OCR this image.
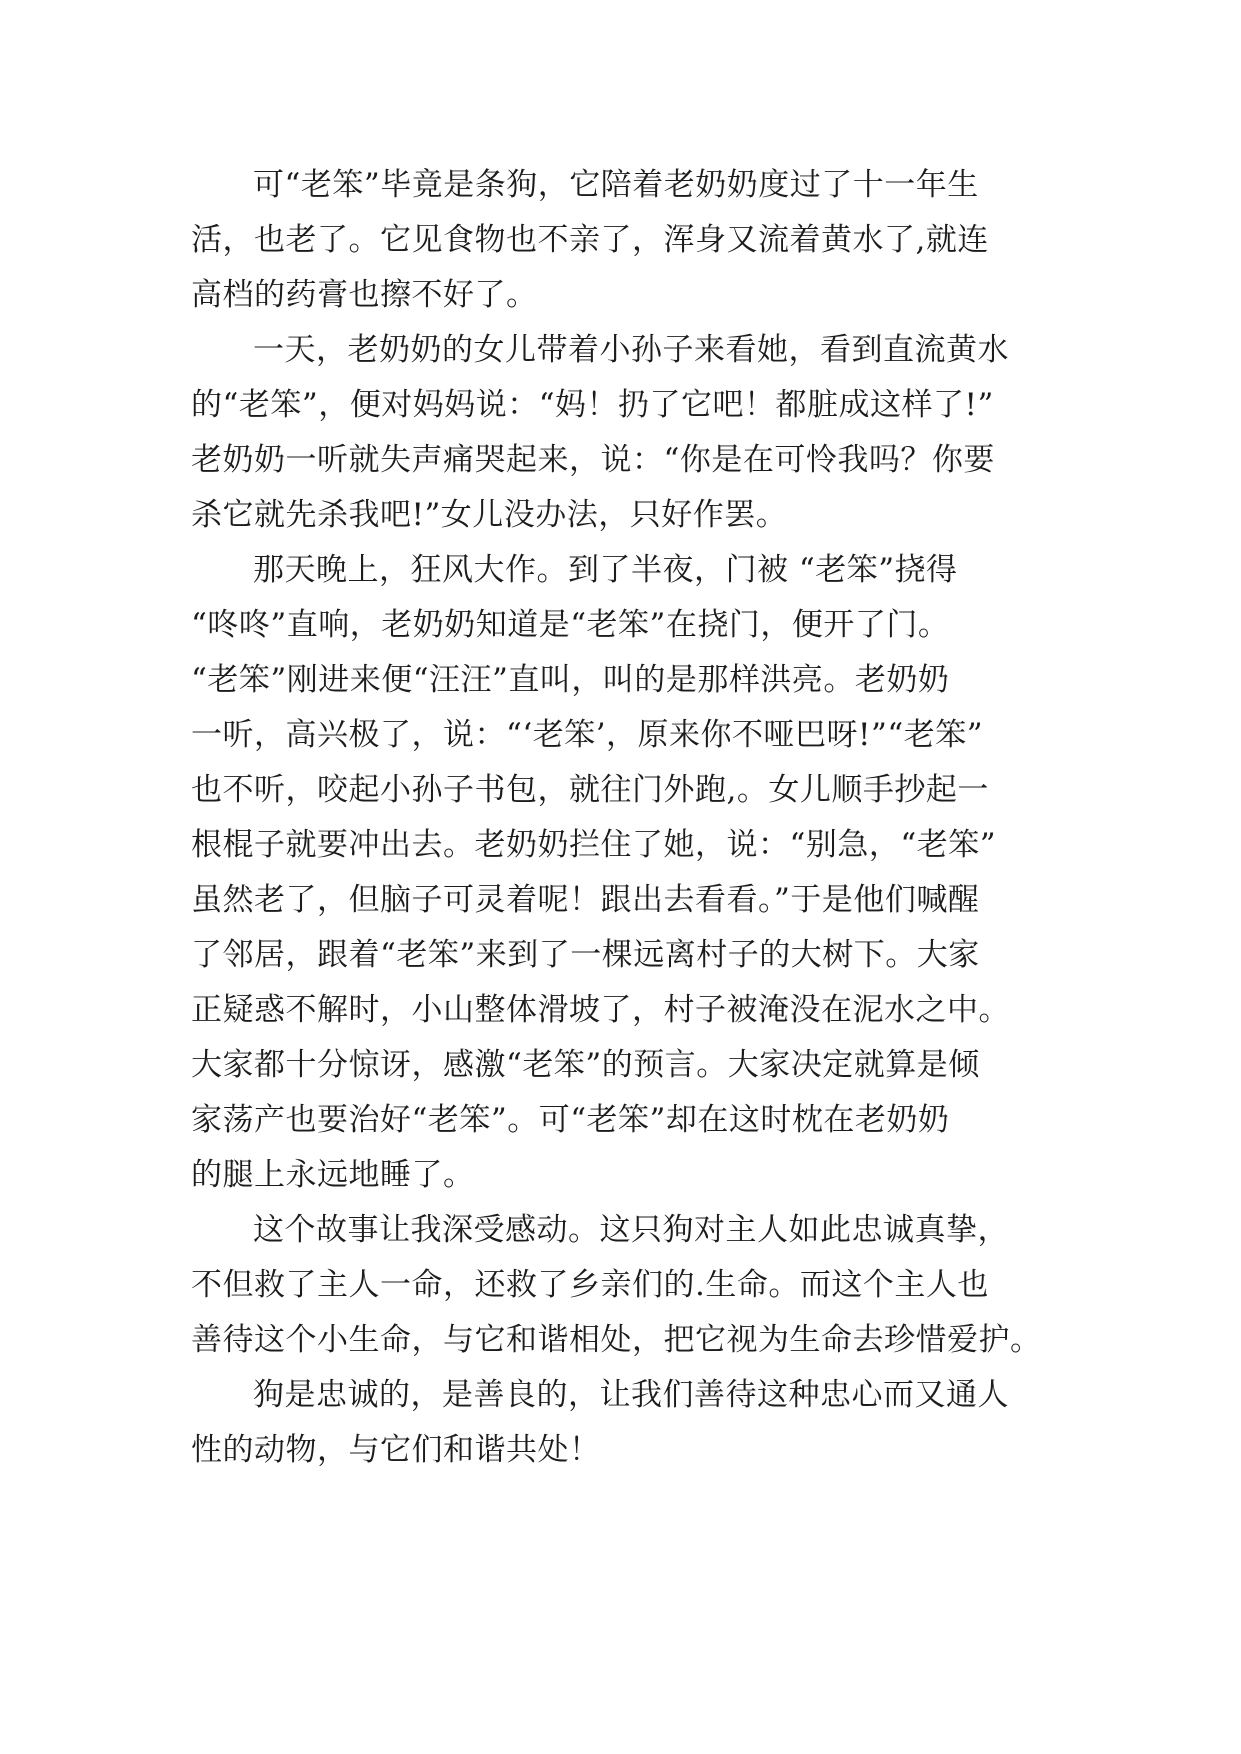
可“老笨”毕竟是条狗，它陪着老奶奶度过了十一年生
活，也老了。它见食物也不亲了，浑身又流着黄水了,就连
高档的药膏也擦不好了。

一天，老奶奶的女儿带着小孙子来看她，看到直流黄水
的“老笨”，便对妈妈说：“妈！扔了它吧！都脏成这样了!”
老奶奶一听就失声痛哭起来，说：“你是在可怜我吗？你要
杀它就先杀我吧!”女儿没办法，只好作罢。

那天晚上，狂风大作。到了半夜，门被 “老笨”挠得
“咚咚”直响，老奶奶知道是“老笨”在挠门，便开了门。
“老笨”刚进来便“汪汪”直叫，叫的是那样洪亮。老奶奶
一听，高兴极了，说：“‘老笨’，原来你不哑巴呀!”“老笨”
也不听，咬起小孙子书包，就往门外跑,。女儿顺手抄起一
根棍子就要冲出去。老奶奶拦住了她，说：“别急，“老笨”
虽然老了，但脑子可灵着呢！跟出去看看。”于是他们喊醒
了邻居，跟着“老笨”来到了一棵远离村子的大树下。大家
正疑惑不解时，小山整体滑坡了，村子被淹没在泥水之中。
大家都十分惊讶，感激“老笨”的预言。大家决定就算是倾
家荡产也要治好“老笨”。可“老笨”却在这时枕在老奶奶
的腿上永远地睡了。

这个故事让我深受感动。这只狗对主人如此忠诚真挚，
不但救了主人一命，还救了乡亲们的.生命。而这个主人也
善待这个小生命，与它和谐相处，把它视为生命去珍惜爱护。

狗是忠诚的，是善良的，让我们善待这种忠心而又通人
性的动物，与它们和谐共处！
